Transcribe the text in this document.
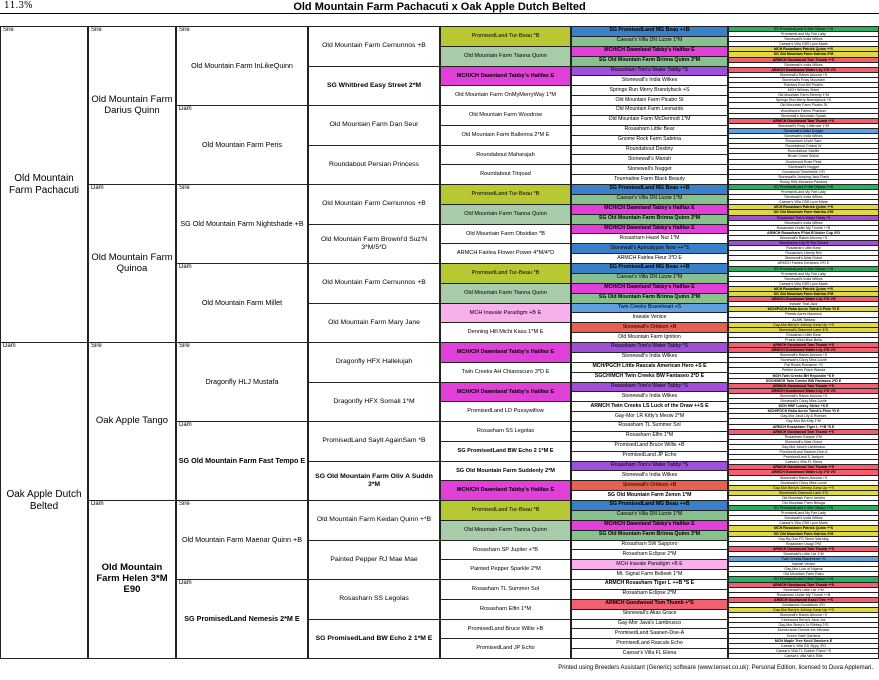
11.3%	Old Mountain Farm Pachacuti x Oak Apple Dutch Belted
Sire
Old Mountain Farm Pachacuti
Dam
Oak Apple Dutch Belted
Sire
Old Mountain Farm Darius Quinn
Dam
Old Mountain Farm Quinoa
Sire
Oak Apple Tango
Dam
Old Mountain Farm Helen 3*M E90
Sire
Old Mountain Farm InLikeQuinn
Dam
Old Mountain Farm Peris
Sire
SG Old Mountain Farm Nightshade +B
Dam
Old Mountain Farm Millet
Sire
Dragonfly HLJ Mustafa
Dam
SG Old Mountain Farm Fast Tempo E
Sire
Old Mountain Farm Maenar Quinn +B
Dam
SG PromisedLand Nemesis 2*M E
Old Mountain Farm Cernunnos +B
SG Whitbred Easy Street 2*M
Old Mountain Farm Dan Seur
Roundabout Persian Princess
Old Mountain Farm Cernunnos +B
Old Mountain Farm BrownI'd Suz'N 3*M/5*D
Old Mountain Farm Cernunnos +B
Old Mountain Farm Mary Jane
Dragonfly HFX Hallelujah
Dragonfly HFX Somali 1*M
PromisedLand SayIt AgainSam *B
SG Old Mountain Farm Oliv A Suddn 3*M
Old Mountain Farm Keidan Quinn +*B
Painted Pepper RJ Mae Mae
Rosasharn SS Legolas
SG PromisedLand BW Echo 2 1*M E
PromisedLand Tur-Beau *B
Old Mountain Farm Tianna Quinn
MCH/CH Dawnland Tabby's Halifax E
Old Mountain Farm OnMyMerryWay 1*M
Old Mountain Farm Woodrow
Old Mountain Farm Ballerina 2*M E
Roundabout Maharajah
Roundabout Triquad
PromisedLand Tur-Beau *B
Old Mountain Farm Tianna Quinn
Old Mountain Farm Obsidian *B
ARMCH Fairlea Flower Power 4*M/4*D
PromisedLand Tur-Beau *B
Old Mountain Farm Tianna Quinn
MCH Inavale Paradigm +B E
Denning Hill Michi Kasu 1*M E
MCH/CH Dawnland Tabby's Halifax E
Twin Creeks AH Chiaroscuro 3*D E
MCH/CH Dawnland Tabby's Halifax E
PromisedLand LD Pussywillow
Rosasharn SS Legolas
SG PromisedLand BW Echo 2 1*M E
SG Old Mountain Farm Suddenly 2*M
MCH/CH Dawnland Tabby's Halifax E
PromisedLand Tur-Beau *B
Old Mountain Farm Tianna Quinn
Rosasharn SP Jupiter +*B
Painted Pepper Sparkle 2*M
Rosasharn TL Summer Sol
Rosasharn Elfin 1*M
PromisedLand Bruce Willis +B
PromisedLand JP Echo
SG PromisedLand MG Beau ++B
Caesar's Villa DN Lizzie 1*M
MCH/CH Dawnland Tabby's Halifax E
SG Old Mountain Farm Brinna Quinn 3*M
Rosasharn Tom's Water Tabby *S
Stonewall's India Wilkes
Springs Run Merry Brandybuck +S
Old Mountain Farm Picabo St
Old Mountain Farm Leonardo
Old Mountain Farm McDermott 1*M
Rosasharn Little Bear
Gnome Rock Farm Sabrina
Roundabout Destiny
Stonewall's Mariah
Stonewall's Nugget
Tourmaline Farm Black Beauty
SG PromisedLand MG Beau ++B
Caesar's Villa DN Lizzie 1*M
MCH/CH Dawnland Tabby's Halifax E
SG Old Mountain Farm Brinna Quinn 3*M
MCH/CH Dawnland Tabby's Halifax E
Rosasharn Hazel Nut 1*M
Stonewall's Apocalypse Now ++*S
ARMCH Fairlea Fleur 3*D E
SG PromisedLand MG Beau ++B
Caesar's Villa DN Lizzie 1*M
MCH/CH Dawnland Tabby's Halifax E
SG Old Mountain Farm Brinna Quinn 3*M
Twin Creeks Braveheart +S
Inavale Venice
Stonewall's Orbison +B
Old Mountain Farm Ignition
Rosasharn Tom's Water Tabby *S
Stonewall's India Wilkes
MCH/PGCH Little Rascals American Hero +S E
SGCH/MCH Twin Creeks BW Fantaseo 2*D E
Rosasharn Tom's Water Tabby *S
Stonewall's India Wilkes
ARMCH Twin Creeks LS Luck of the Draw ++S E
Gay-Mor LR Kitty's Meow 2*M
Rosasharn TL Summer Sol
Rosasharn Elfin 1*M
PromisedLand Bruce Willis +B
PromisedLand JP Echo
Rosasharn Tom's Water Tabby *S
Stonewall's India Wilkes
Stonewall's Orbison +B
SG Old Mountain Farm Zenon 1*M
SG PromisedLand MG Beau ++B
Caesar's Villa DN Lizzie 1*M
MCH/CH Dawnland Tabby's Halifax E
SG Old Mountain Farm Brinna Quinn 3*M
Rosasharn SW Sapporo
Rosasharn Eclipse 2*M
MCH Inavale Paradigm +B E
Mt. Signal Farm Belleek 1*M
ARMCH Rosasharn Tiger L ++B *S E
Rosasharn Eclipse 2*M
ARMCH Goodwood Tom Thumb +*S
Stonewall's Alias Grace
Gay-Mor Java's Lambrusco
PromisedLand Saanen-Doe-A
PromisedLand Rascals Echo
Caesar's Villa FL Elena
SG PromisedLand S Mel Gibson ++B
PromisedLand My Fair Lady
Stonewall's India Wilkes
Caesar's Villa CBS Lynn Marie
MCH Rosasharn Patrick Quinn +*S
SG Old Mountain Farm Katrina 2*M
ARMCH Goodwood Tom Thumb +*S
Stonewall's India Wilkes
ARMCH Goodwood Water Lily 2*D VG
Stonewall's Raisin Arizona +S
Stonewall's Rosy Mountain
Pointers End Dill Pickles
MCH Willows Shine
Old Mountain Farm Eternity 1*M
Springs Run Merry Brandybuck +S
Old Mountain Farm Picabo St
Woodhaven Farms Phantom
Stonewall's Mountain Splash
ARMCH Goodwood Tam Thumb +*S
Stonewall's Rosy 'Littlerose 1*M
Stonewall's Artful Dodger
Stonewall's India Wilkes
Rosasharn Uncle Sam
Roundabout Cricket W
Roundabout Starlite
Brush Creek Shiloh
Goodwood Rose Petal
Stonewall's Nugget
Goodwood Tinkerbelle 1*D
Stonewall's Jumping Jack Flash
Rocky Hills Monarca Pandora
SG PromisedLand S Mel Gibson ++B
PromisedLand My Fair Lady
Stonewall's India Wilkes
Caesar's Villa CBS Lynn Marie
MCH Rosasharn Patrick Quinn +*S
SG Old Mountain Farm Katrina 2*M
Rosasharn Tom's Water Tabby *S
Stonewall's India Wilkes
Rosasharn Under My Thumb ++B
ARMCH Rosasharn P'Nut B'Udder Cup 3*D
Stonewall's Raisin Arizona +S
Woodhaven Lily Of The Desert
Rosasharn Little Bear
Rosasharn Liberty Bell
Stonewall's Alias Grace
ARMCH Fairlea Ceridwen 2*D E
SG PromisedLand S Mel Gibson ++B
PromisedLand My Fair Lady
Stonewall's India Wilkes
Caesar's Villa CBS Lynn Marie
MCH Rosasharn Patrick Quinn +*S
SG Old Mountain Farm Katrina 2*M
ARMCH Goodwood Water Lily 2*D VG
Inavale That Jazz
MCH/PGCH Raha Acres Twink's Pixie *D E
Pebble Acres Maverick
ALMN Tatiana
Gay-Mor Berry's Johnny Jump Up +*S
Stonewall's Diamond Lane 3*D
Rosasharn Little Bear
Prairie Wind Blue Bella
ARMCH Goodwood Tom Thumb +*S
ARMCH Goodwood Water Lily 2*D VG
Stonewall's Raisin Arizona +S
Stonewall's Dizzy Miss Lizzie
Pat Rocks Romance +S
Pebble Acres Flash Wanda
MCH Twin Creeks BH Reposhin *S E
SGCH/MCH Twin Creeks BW Fantaseo 2*D E
ARMCH Goodwood Tom Thumb +*S
ARMCH Goodwood Water Lily 2*D VG
Stonewall's Raisin Arizona +S
Stonewall's Dizzy Miss Lizzie
MCH HBF Luckey Strike +S E
MCH/PGCH Raha Acres Twink's Pixie *D E
Gay-Mor Java Lily & Rumors
Gay-Mor BA Kitty 1*M
ARMCH Rosasharn Tiger L ++B *S E
ARMCH Goodwood Tom Thumb +*S
Rosasharn Eclipse 2*M
Stonewall's Alias Grace
Gay-Mor Java's Lambrusco
PromisedLand Saanen-Doe-A
PromisedLand S Jackpot
Caesar's Villa FL Elena
ARMCH Goodwood Tom Thumb +*S
ARMCH Goodwood Water Lily 2*D VG
Stonewall's Raisin Arizona +S
Stonewall's Dizzy Miss Lizzie
Gay-Mor Berry's Johnny Jump Up +*S
Stonewall's Diamond Lane 3*D
Old Mountain Farm Jericho
Old Mountain Farm Beluga
SG PromisedLand S Mel Gibson ++B
PromisedLand My Fair Lady
Stonewall's India Wilkes
Caesar's Villa CBS Lynn Marie
MCH Rosasharn Patrick Quinn +*S
SG Old Mountain Farm Katrina 2*M
Day-By-Doe FS Storm Warning
Rosasharn Usagi 3*M
ARMCH Goodwood Tom Thumb +*S
Stonewall's Little Lizi 1*M
Twin Creeks Braveheart +S
Inavale Venice
Gay-Mor Lion of Nigeria
Old Mountain Farm Raku
SG PromisedLand S Mel Gibson ++B
ARMCH Goodwood Tom Thumb +*S
Stonewall's Little Lizi 1*M
Rosasharn Under My Thumb ++B
ARMCH Goodwood Kasel Tree +*S
Goodwood Goodallure 4*D
Gay-Mor Berry's Johnny Jump Up +*S
Stonewall's Raisin Arizona +S
Kirsewood Berry's Java Joe
Gay-Mor Berry's Jo Ribbey 2*D
Munchranch Dennis the Menace
Green Gate Gardens
MCH Maple Tree Knoll Smokers E
Caesar's Villa GD Zippy 3*D
Caesar's Villa TL Golden Flame *S
Caesar's Villa Val's Elite
Printed using Breeders Assistant (Generic) software (www.tenset.co.uk): Personal Edition, licensed to Duva Applemari.
